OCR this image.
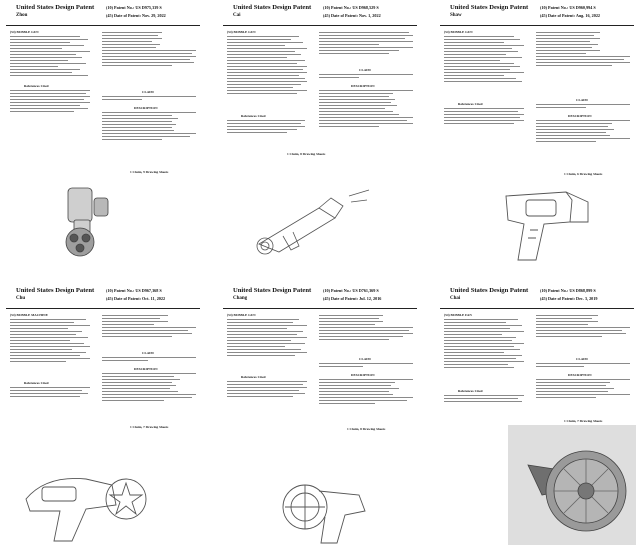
United States Design Patent
Zhou
(10) Patent No.: US D975,339 S
(45) Date of Patent: Nov. 29, 2022
(54) BUBBLE GUN
References Cited
CLAIM
DESCRIPTION
1 Claim, 9 Drawing Sheets
United States Design Patent
Cai
(10) Patent No.: US D968,529 S
(45) Date of Patent: Nov. 1, 2022
(54) BUBBLE GUN
References Cited
CLAIM
DESCRIPTION
1 Claim, 8 Drawing Sheets
United States Design Patent
Shaw
(10) Patent No.: US D960,994 S
(45) Date of Patent: Aug. 16, 2022
(54) BUBBLE GUN
References Cited
CLAIM
DESCRIPTION
1 Claim, 6 Drawing Sheets
United States Design Patent
Chu
(10) Patent No.: US D967,368 S
(45) Date of Patent: Oct. 11, 2022
(54) BUBBLE MACHINE
References Cited
CLAIM
DESCRIPTION
1 Claim, 7 Drawing Sheets
United States Design Patent
Chang
(10) Patent No.: US D761,369 S
(45) Date of Patent: Jul. 12, 2016
(54) BUBBLE GUN
References Cited
CLAIM
DESCRIPTION
1 Claim, 8 Drawing Sheets
United States Design Patent
Chai
(10) Patent No.: US D868,899 S
(45) Date of Patent: Dec. 3, 2019
(54) BUBBLE FAN
CLAIM
DESCRIPTION
References Cited
1 Claim, 7 Drawing Sheets
